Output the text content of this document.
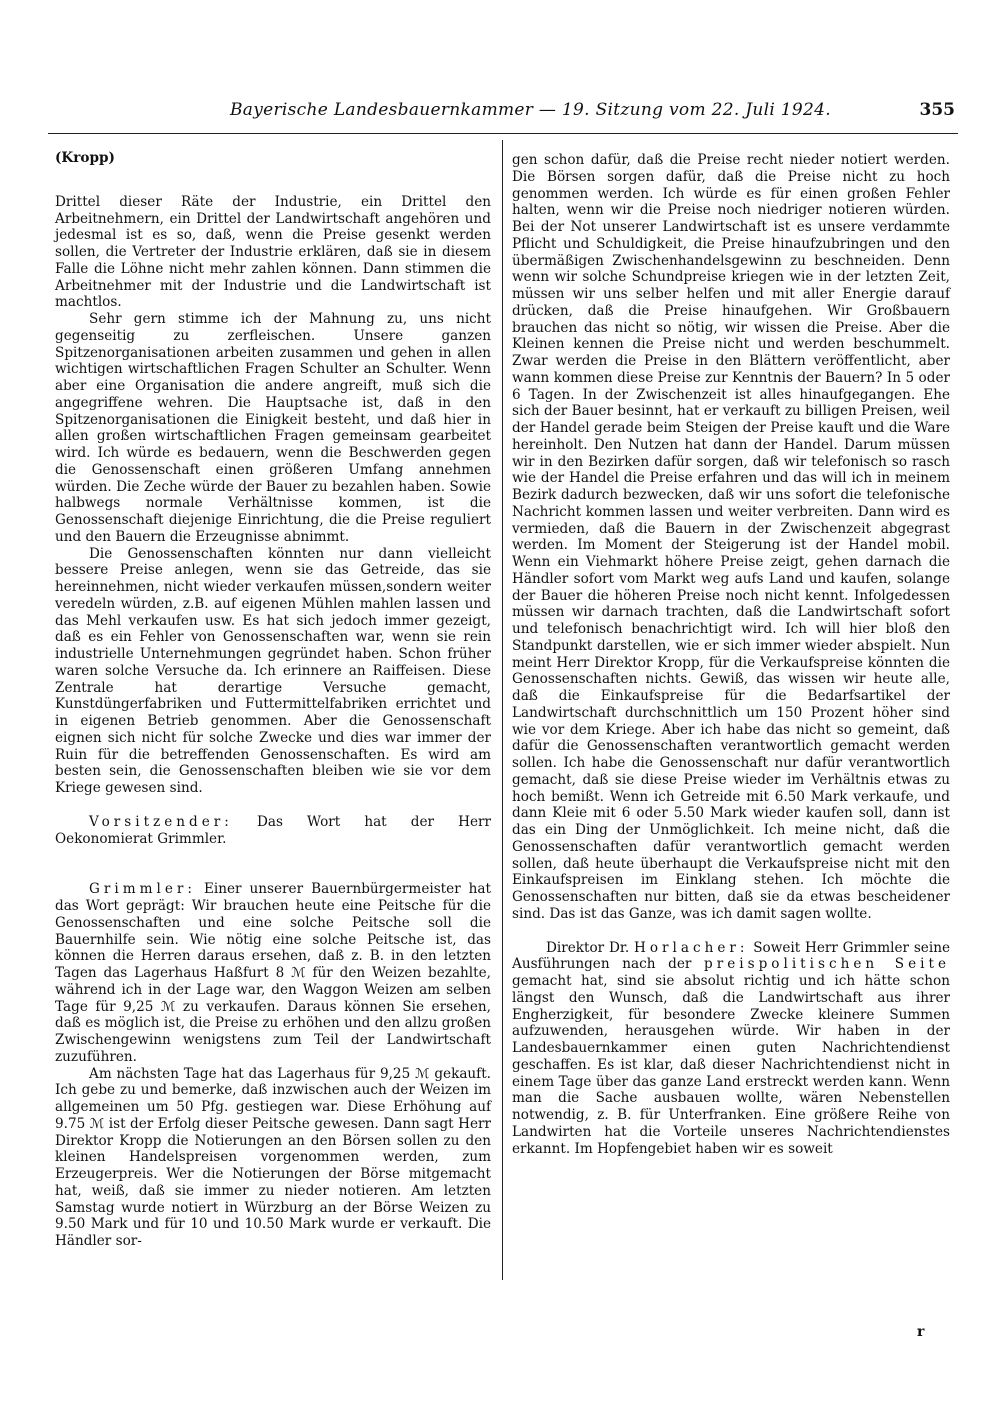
Bayerische Landesbauernkammer — 19. Sitzung vom 22. Juli 1924.	355
(Kropp)

Drittel dieser Räte der Industrie, ein Drittel den Arbeitnehmern, ein Drittel der Landwirtschaft angehören und jedesmal ist es so, daß, wenn die Preise gesenkt werden sollen, die Vertreter der Industrie erklären, daß sie in diesem Falle die Löhne nicht mehr zahlen können. Dann stimmen die Arbeitnehmer mit der Industrie und die Landwirtschaft ist machtlos.

Sehr gern stimme ich der Mahnung zu, uns nicht gegenseitig zu zerfleischen. Unsere ganzen Spitzenorganisationen arbeiten zusammen und gehen in allen wichtigen wirtschaftlichen Fragen Schulter an Schulter. Wenn aber eine Organisation die andere angreift, muß sich die angegriffene wehren. Die Hauptsache ist, daß in den Spitzenorganisationen die Einigkeit besteht, und daß hier in allen großen wirtschaftlichen Fragen gemeinsam gearbeitet wird. Ich würde es bedauern, wenn die Beschwerden gegen die Genossenschaft einen größeren Umfang annehmen würden. Die Zeche würde der Bauer zu bezahlen haben. Sowie halbwegs normale Verhältnisse kommen, ist die Genossenschaft diejenige Einrichtung, die die Preise reguliert und den Bauern die Erzeugnisse abnimmt.

Die Genossenschaften könnten nur dann vielleicht bessere Preise anlegen, wenn sie das Getreide, das sie hereinnehmen, nicht wieder verkaufen müssen,sondern weiter veredeln würden, z.B. auf eigenen Mühlen mahlen lassen und das Mehl verkaufen usw. Es hat sich jedoch immer gezeigt, daß es ein Fehler von Genossenschaften war, wenn sie rein industrielle Unternehmungen gegründet haben. Schon früher waren solche Versuche da. Ich erinnere an Raiffeisen. Diese Zentrale hat derartige Versuche gemacht, Kunstdüngerfabriken und Futtermittelfabriken errichtet und in eigenen Betrieb genommen. Aber die Genossenschaft eignen sich nicht für solche Zwecke und dies war immer der Ruin für die betreffenden Genossenschaften. Es wird am besten sein, die Genossenschaften bleiben wie sie vor dem Kriege gewesen sind.

Vorsitzender: Das Wort hat der Herr Oekonomierat Grimmler.

Grimmler: Einer unserer Bauernbürgermeister hat das Wort geprägt: Wir brauchen heute eine Peitsche für die Genossenschaften und eine solche Peitsche soll die Bauernhilfe sein. Wie nötig eine solche Peitsche ist, das können die Herren daraus ersehen, daß z. B. in den letzten Tagen das Lagerhaus Haßfurt 8 ℳ für den Weizen bezahlte, während ich in der Lage war, den Waggon Weizen am selben Tage für 9,25 ℳ zu verkaufen. Daraus können Sie ersehen, daß es möglich ist, die Preise zu erhöhen und den allzu großen Zwischengewinn wenigstens zum Teil der Landwirtschaft zuzuführen.

Am nächsten Tage hat das Lagerhaus für 9,25 ℳ gekauft. Ich gebe zu und bemerke, daß inzwischen auch der Weizen im allgemeinen um 50 Pfg. gestiegen war. Diese Erhöhung auf 9.75 ℳ ist der Erfolg dieser Peitsche gewesen. Dann sagt Herr Direktor Kropp die Notierungen an den Börsen sollen zu den kleinen Handelspreisen vorgenommen werden, zum Erzeugerpreis. Wer die Notierungen der Börse mitgemacht hat, weiß, daß sie immer zu nieder notieren. Am letzten Samstag wurde notiert in Würzburg an der Börse Weizen zu 9.50 Mark und für 10 und 10.50 Mark wurde er verkauft. Die Händler sor-

gen schon dafür, daß die Preise recht nieder notiert werden. Die Börsen sorgen dafür, daß die Preise nicht zu hoch genommen werden. Ich würde es für einen großen Fehler halten, wenn wir die Preise noch niedriger notieren würden. Bei der Not unserer Landwirtschaft ist es unsere verdammte Pflicht und Schuldigkeit, die Preise hinaufzubringen und den übermäßigen Zwischenhandelsgewinn zu beschneiden. Denn wenn wir solche Schundpreise kriegen wie in der letzten Zeit, müssen wir uns selber helfen und mit aller Energie darauf drücken, daß die Preise hinaufgehen. Wir Großbauern brauchen das nicht so nötig, wir wissen die Preise. Aber die Kleinen kennen die Preise nicht und werden beschummelt. Zwar werden die Preise in den Blättern veröffentlicht, aber wann kommen diese Preise zur Kenntnis der Bauern? In 5 oder 6 Tagen. In der Zwischenzeit ist alles hinaufgegangen. Ehe sich der Bauer besinnt, hat er verkauft zu billigen Preisen, weil der Handel gerade beim Steigen der Preise kauft und die Ware hereinholt. Den Nutzen hat dann der Handel. Darum müssen wir in den Bezirken dafür sorgen, daß wir telefonisch so rasch wie der Handel die Preise erfahren und das will ich in meinem Bezirk dadurch bezwecken, daß wir uns sofort die telefonische Nachricht kommen lassen und weiter verbreiten. Dann wird es vermieden, daß die Bauern in der Zwischenzeit abgegrast werden. Im Moment der Steigerung ist der Handel mobil. Wenn ein Viehmarkt höhere Preise zeigt, gehen darnach die Händler sofort vom Markt weg aufs Land und kaufen, solange der Bauer die höheren Preise noch nicht kennt. Infolgedessen müssen wir darnach trachten, daß die Landwirtschaft sofort und telefonisch benachrichtigt wird. Ich will hier bloß den Standpunkt darstellen, wie er sich immer wieder abspielt. Nun meint Herr Direktor Kropp, für die Verkaufspreise könnten die Genossenschaften nichts. Gewiß, das wissen wir heute alle, daß die Einkaufspreise für die Bedarfsartikel der Landwirtschaft durchschnittlich um 150 Prozent höher sind wie vor dem Kriege. Aber ich habe das nicht so gemeint, daß dafür die Genossenschaften verantwortlich gemacht werden sollen. Ich habe die Genossenschaft nur dafür verantwortlich gemacht, daß sie diese Preise wieder im Verhältnis etwas zu hoch bemißt. Wenn ich Getreide mit 6.50 Mark verkaufe, und dann Kleie mit 6 oder 5.50 Mark wieder kaufen soll, dann ist das ein Ding der Unmöglichkeit. Ich meine nicht, daß die Genossenschaften dafür verantwortlich gemacht werden sollen, daß heute überhaupt die Verkaufspreise nicht mit den Einkaufspreisen im Einklang stehen. Ich möchte die Genossenschaften nur bitten, daß sie da etwas bescheidener sind. Das ist das Ganze, was ich damit sagen wollte.

Direktor Dr. Horlacher: Soweit Herr Grimmler seine Ausführungen nach der preispolitischen Seite gemacht hat, sind sie absolut richtig und ich hätte schon längst den Wunsch, daß die Landwirtschaft aus ihrer Engherzigkeit, für besondere Zwecke kleinere Summen aufzuwenden, herausgehen würde. Wir haben in der Landesbauernkammer einen guten Nachrichtendienst geschaffen. Es ist klar, daß dieser Nachrichtendienst nicht in einem Tage über das ganze Land erstreckt werden kann. Wenn man die Sache ausbauen wollte, wären Nebenstellen notwendig, z. B. für Unterfranken. Eine größere Reihe von Landwirten hat die Vorteile unseres Nachrichtendienstes erkannt. Im Hopfengebiet haben wir es soweit

r
